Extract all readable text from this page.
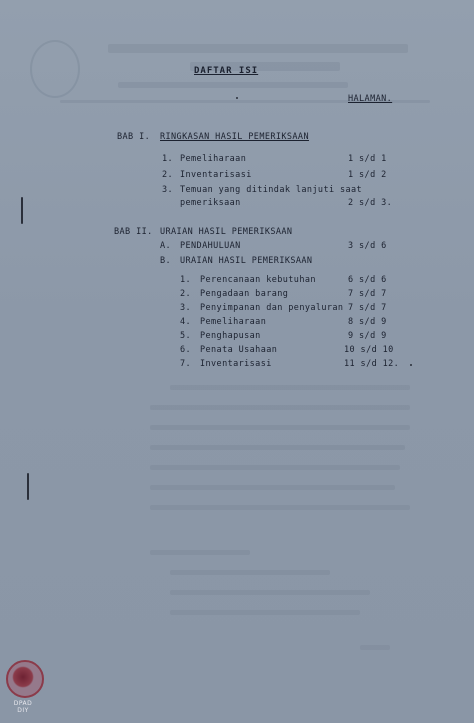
DAFTAR ISI
HALAMAN.
BAB I. RINGKASAN HASIL PEMERIKSAAN
1. Pemeliharaan	1 s/d 1
2. Inventarisasi	1 s/d 2
3. Temuan yang ditindak lanjuti saat
pemeriksaan	2 s/d 3.
BAB II. URAIAN HASIL PEMERIKSAAN
A. PENDAHULUAN	3 s/d 6
B. URAIAN HASIL PEMERIKSAAN
1. Perencanaan kebutuhan	6 s/d 6
2. Pengadaan barang	7 s/d 7
3. Penyimpanan dan penyaluran 7 s/d 7
4. Pemeliharaan	8 s/d 9
5. Penghapusan	9 s/d 9
6. Penata Usahaan	10 s/d 10
7. Inventarisasi	11 s/d 12.
DPAD DIY
